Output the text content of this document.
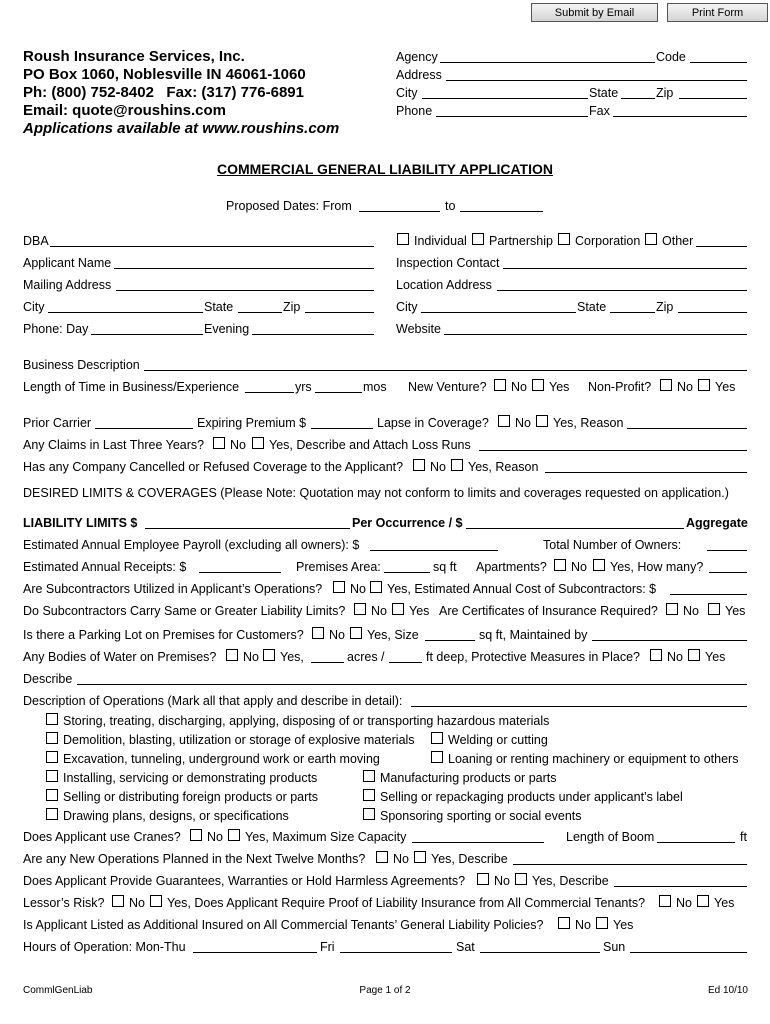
Submit by Email	Print Form
Roush Insurance Services, Inc.
PO Box 1060, Noblesville IN 46061-1060
Ph: (800) 752-8402   Fax: (317) 776-6891
Email: quote@roushins.com
Applications available at www.roushins.com
Agency	Code
Address
City	State	Zip
Phone	Fax
COMMERCIAL GENERAL LIABILITY APPLICATION
Proposed Dates: From	to
DBA	Individual Partnership Corporation Other
Applicant Name	Inspection Contact
Mailing Address	Location Address
City	State	Zip	City	State	Zip
Phone: Day	Evening	Website
Business Description
Length of Time in Business/Experience	yrs	mos New Venture? No Yes Non-Profit? No Yes
Prior Carrier	Expiring Premium $	Lapse in Coverage? No Yes, Reason
Any Claims in Last Three Years? No Yes, Describe and Attach Loss Runs
Has any Company Cancelled or Refused Coverage to the Applicant? No Yes, Reason
DESIRED LIMITS & COVERAGES (Please Note: Quotation may not conform to limits and coverages requested on application.)
LIABILITY LIMITS $	Per Occurrence / $	Aggregate
Estimated Annual Employee Payroll (excluding all owners): $	Total Number of Owners:
Estimated Annual Receipts: $	Premises Area:	sq ft Apartments? No Yes, How many?
Are Subcontractors Utilized in Applicant’s Operations? No Yes, Estimated Annual Cost of Subcontractors: $
Do Subcontractors Carry Same or Greater Liability Limits? No Yes Are Certificates of Insurance Required? No Yes
Is there a Parking Lot on Premises for Customers? No Yes, Size	sq ft, Maintained by
Any Bodies of Water on Premises? No Yes,	acres /	ft deep, Protective Measures in Place? No Yes
Describe
Description of Operations (Mark all that apply and describe in detail):
Storing, treating, discharging, applying, disposing of or transporting hazardous materials
Demolition, blasting, utilization or storage of explosive materials	Welding or cutting
Excavation, tunneling, underground work or earth moving	Loaning or renting machinery or equipment to others
Installing, servicing or demonstrating products	Manufacturing products or parts
Selling or distributing foreign products or parts	Selling or repackaging products under applicant’s label
Drawing plans, designs, or specifications	Sponsoring sporting or social events
Does Applicant use Cranes? No Yes, Maximum Size Capacity	Length of Boom	ft
Are any New Operations Planned in the Next Twelve Months? No Yes, Describe
Does Applicant Provide Guarantees, Warranties or Hold Harmless Agreements? No Yes, Describe
Lessor’s Risk? No Yes, Does Applicant Require Proof of Liability Insurance from All Commercial Tenants? No Yes
Is Applicant Listed as Additional Insured on All Commercial Tenants’ General Liability Policies?	No Yes
Hours of Operation: Mon-Thu	Fri	Sat	Sun
CommlGenLiab	Page 1 of 2	Ed 10/10
